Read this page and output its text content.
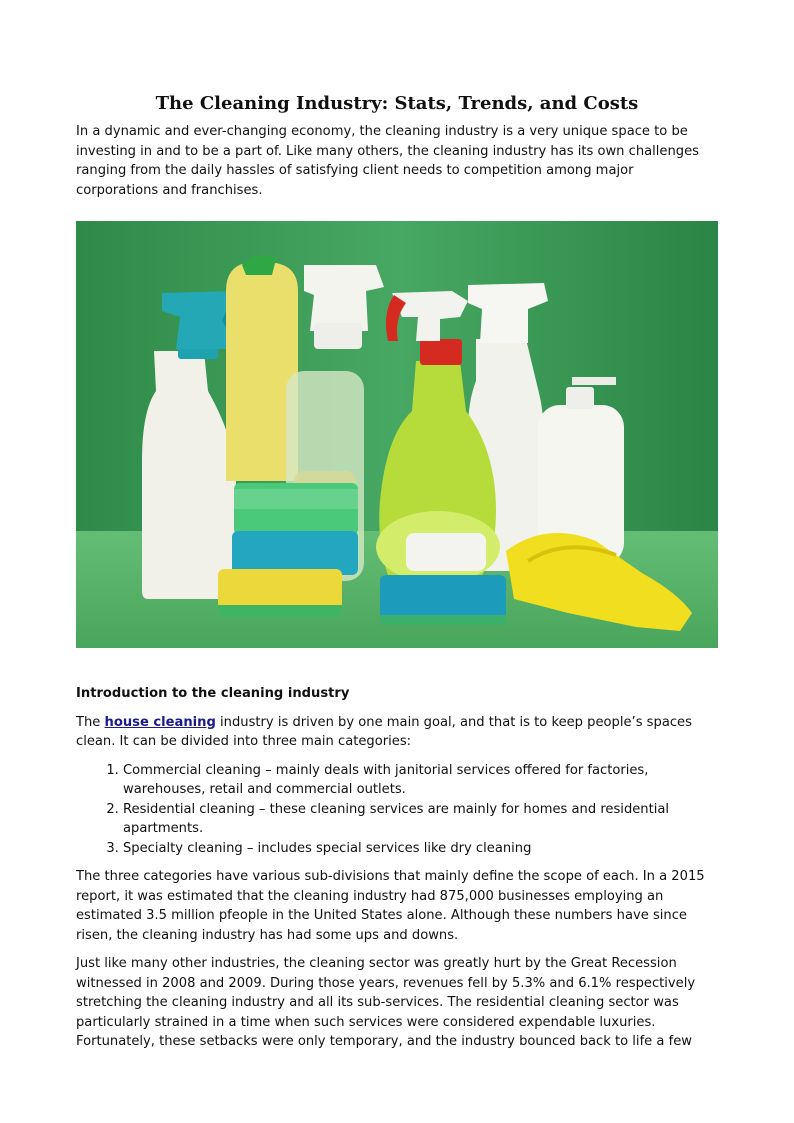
The Cleaning Industry: Stats, Trends, and Costs

In a dynamic and ever-changing economy, the cleaning industry is a very unique space to be investing in and to be a part of. Like many others, the cleaning industry has its own challenges ranging from the daily hassles of satisfying client needs to competition among major corporations and franchises.

Introduction to the cleaning industry

The house cleaning industry is driven by one main goal, and that is to keep people’s spaces clean. It can be divided into three main categories:

1. Commercial cleaning – mainly deals with janitorial services offered for factories, warehouses, retail and commercial outlets.
2. Residential cleaning – these cleaning services are mainly for homes and residential apartments.
3. Specialty cleaning – includes special services like dry cleaning

The three categories have various sub-divisions that mainly define the scope of each. In a 2015 report, it was estimated that the cleaning industry had 875,000 businesses employing an estimated 3.5 million pfeople in the United States alone. Although these numbers have since risen, the cleaning industry has had some ups and downs.

Just like many other industries, the cleaning sector was greatly hurt by the Great Recession witnessed in 2008 and 2009. During those years, revenues fell by 5.3% and 6.1% respectively stretching the cleaning industry and all its sub-services. The residential cleaning sector was particularly strained in a time when such services were considered expendable luxuries. Fortunately, these setbacks were only temporary, and the industry bounced back to life a few
